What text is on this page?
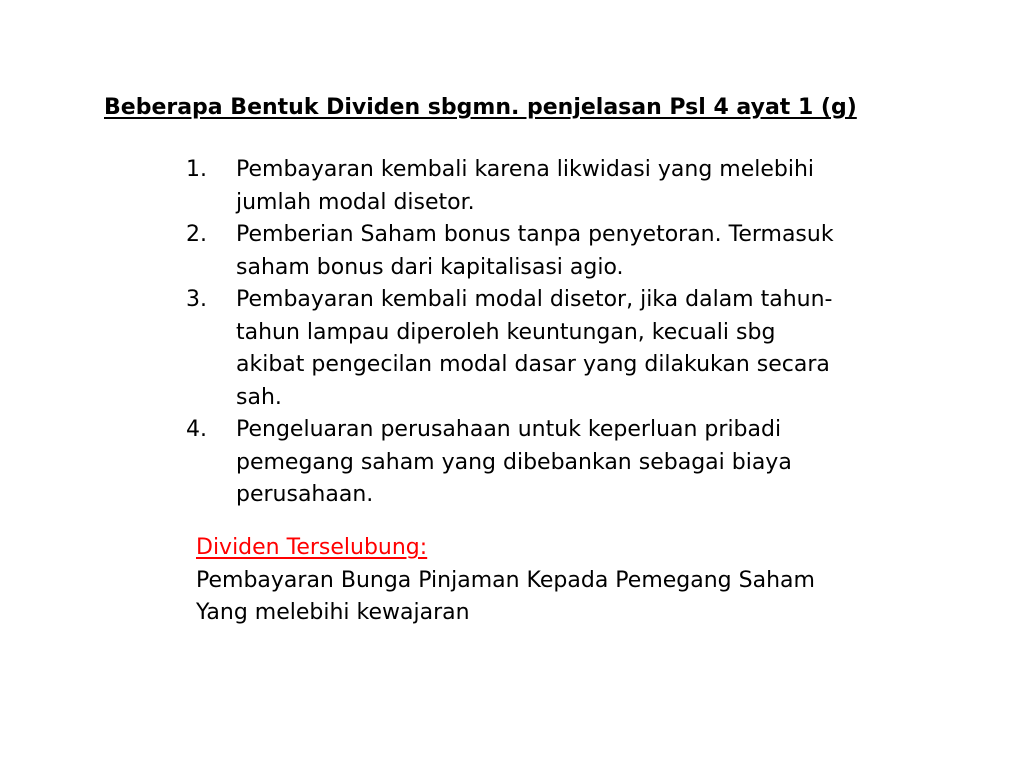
Beberapa Bentuk Dividen sbgmn. penjelasan Psl 4 ayat 1 (g)
1.	Pembayaran kembali karena likwidasi yang melebihi
jumlah modal disetor.
2.	Pemberian Saham bonus tanpa penyetoran. Termasuk
saham bonus dari kapitalisasi agio.
3.	Pembayaran kembali modal disetor, jika dalam tahun-
tahun lampau diperoleh keuntungan, kecuali sbg
akibat pengecilan modal dasar yang dilakukan secara
sah.
4.	Pengeluaran perusahaan untuk keperluan pribadi
pemegang saham yang dibebankan sebagai biaya
perusahaan.
Dividen Terselubung:
Pembayaran Bunga Pinjaman Kepada Pemegang Saham
Yang melebihi kewajaran
